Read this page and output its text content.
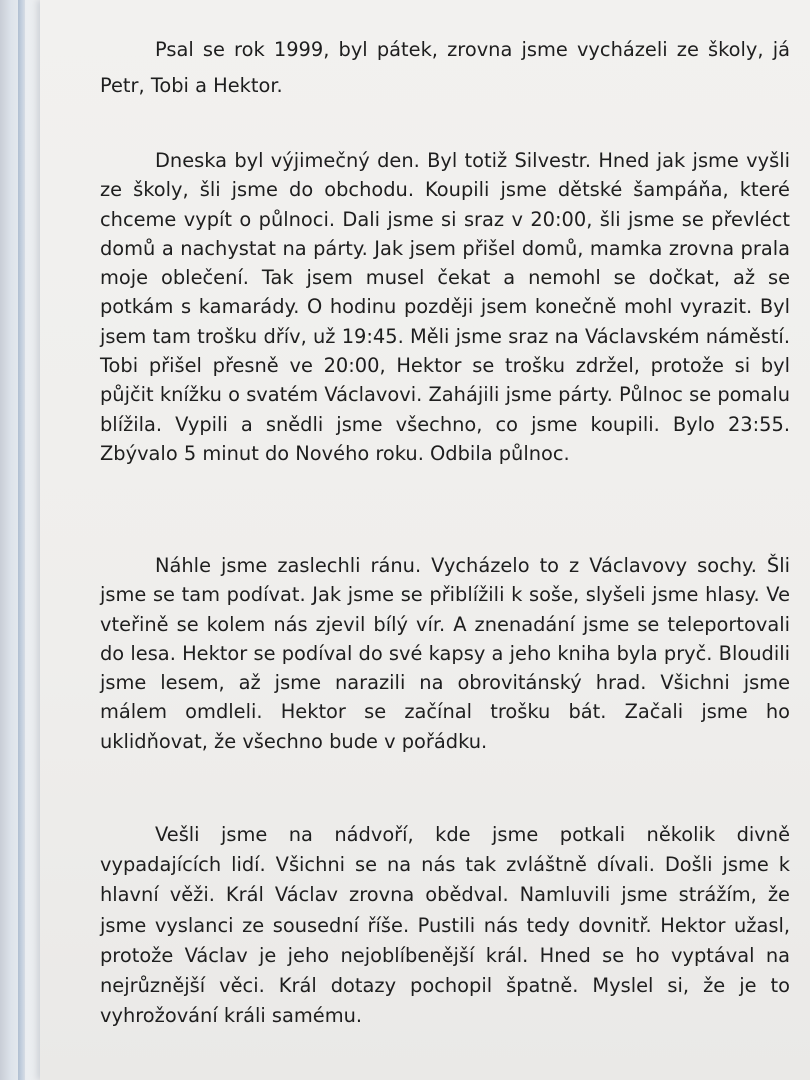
Psal se rok 1999, byl pátek, zrovna jsme vycházeli ze školy, já Petr, Tobi a Hektor.

Dneska byl výjimečný den. Byl totiž Silvestr. Hned jak jsme vyšli ze školy, šli jsme do obchodu. Koupili jsme dětské šampáňa, které chceme vypít o půlnoci. Dali jsme si sraz v 20:00, šli jsme se převléct domů a nachystat na párty. Jak jsem přišel domů, mamka zrovna prala moje oblečení. Tak jsem musel čekat a nemohl se dočkat, až se potkám s kamarády. O hodinu později jsem konečně mohl vyrazit. Byl jsem tam trošku dřív, už 19:45. Měli jsme sraz na Václavském náměstí. Tobi přišel přesně ve 20:00, Hektor se trošku zdržel, protože si byl půjčit knížku o svatém Václavovi. Zahájili jsme párty. Půlnoc se pomalu blížila. Vypili a snědli jsme všechno, co jsme koupili. Bylo 23:55. Zbývalo 5 minut do Nového roku. Odbila půlnoc.

Náhle jsme zaslechli ránu. Vycházelo to z Václavovy sochy. Šli jsme se tam podívat. Jak jsme se přiblížili k soše, slyšeli jsme hlasy. Ve vteřině se kolem nás zjevil bílý vír. A znenadání jsme se teleportovali do lesa. Hektor se podíval do své kapsy a jeho kniha byla pryč. Bloudili jsme lesem, až jsme narazili na obrovitánský hrad. Všichni jsme málem omdleli. Hektor se začínal trošku bát. Začali jsme ho uklidňovat, že všechno bude v pořádku.

Vešli jsme na nádvoří, kde jsme potkali několik divně vypadajících lidí. Všichni se na nás tak zvláštně dívali. Došli jsme k hlavní věži. Král Václav zrovna obědval. Namluvili jsme strážím, že jsme vyslanci ze sousední říše. Pustili nás tedy dovnitř. Hektor užasl, protože Václav je jeho nejoblíbenější král. Hned se ho vyptával na nejrůznější věci. Král dotazy pochopil špatně. Myslel si, že je to vyhrožování králi samému.
